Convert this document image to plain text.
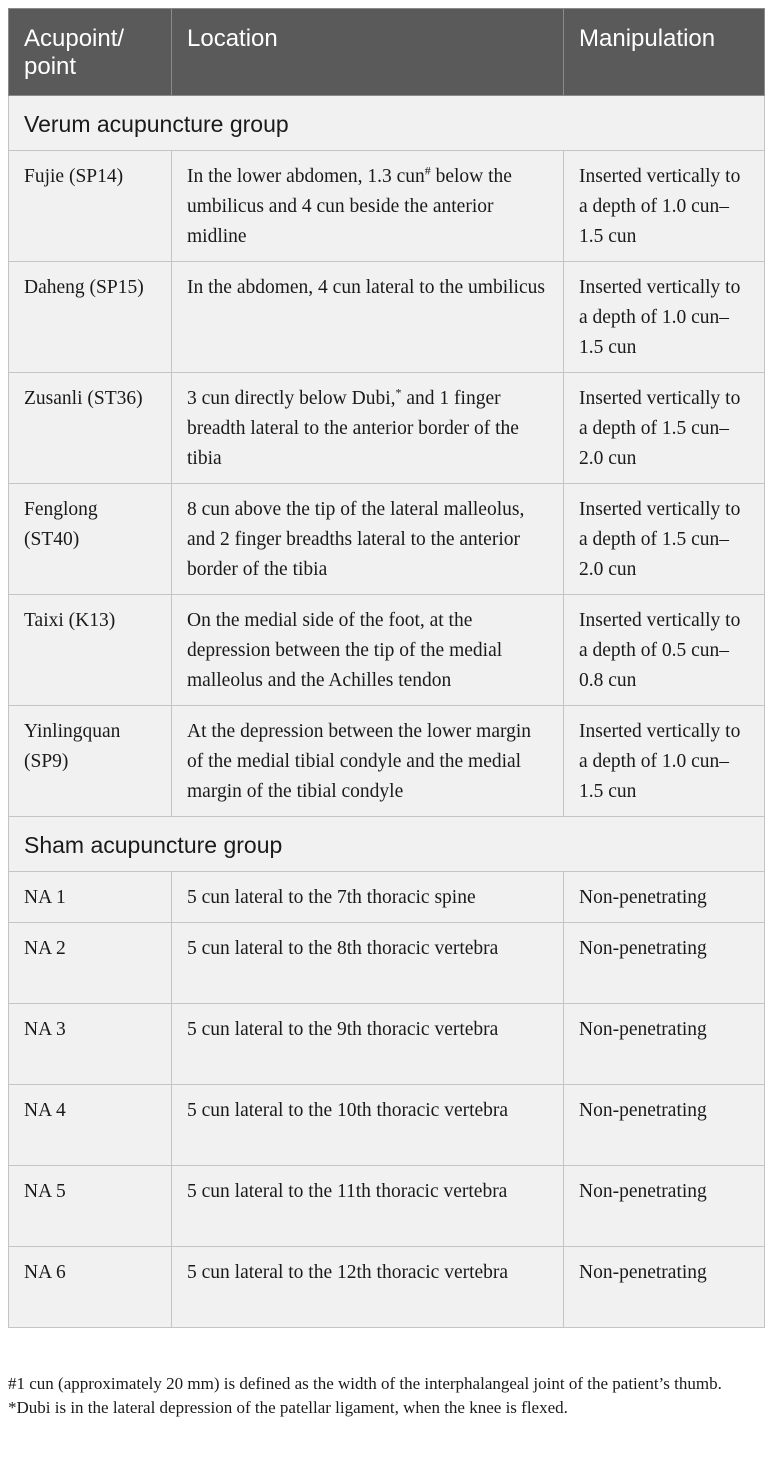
Acupoint/
point	Location	Manipulation
Verum acupuncture group		
Fujie (SP14)	In the lower abdomen, 1.3 cun# below the umbilicus and 4 cun beside the anterior midline	Inserted vertically to a depth of 1.0 cun–1.5 cun
Daheng (SP15)	In the abdomen, 4 cun lateral to the umbilicus	Inserted vertically to a depth of 1.0 cun–1.5 cun
Zusanli (ST36)	3 cun directly below Dubi,* and 1 finger breadth lateral to the anterior border of the tibia	Inserted vertically to a depth of 1.5 cun–2.0 cun
Fenglong (ST40)	8 cun above the tip of the lateral malleolus, and 2 finger breadths lateral to the anterior border of the tibia	Inserted vertically to a depth of 1.5 cun–2.0 cun
Taixi (K13)	On the medial side of the foot, at the depression between the tip of the medial malleolus and the Achilles tendon	Inserted vertically to a depth of 0.5 cun–0.8 cun
Yinlingquan (SP9)	At the depression between the lower margin of the medial tibial condyle and the medial margin of the tibial condyle	Inserted vertically to a depth of 1.0 cun–1.5 cun
Sham acupuncture group		
NA 1	5 cun lateral to the 7th thoracic spine	Non-penetrating
NA 2	5 cun lateral to the 8th thoracic vertebra	Non-penetrating
NA 3	5 cun lateral to the 9th thoracic vertebra	Non-penetrating
NA 4	5 cun lateral to the 10th thoracic vertebra	Non-penetrating
NA 5	5 cun lateral to the 11th thoracic vertebra	Non-penetrating
NA 6	5 cun lateral to the 12th thoracic vertebra	Non-penetrating

#1 cun (approximately 20 mm) is defined as the width of the interphalangeal joint of the patient’s thumb.

*Dubi is in the lateral depression of the patellar ligament, when the knee is flexed.
